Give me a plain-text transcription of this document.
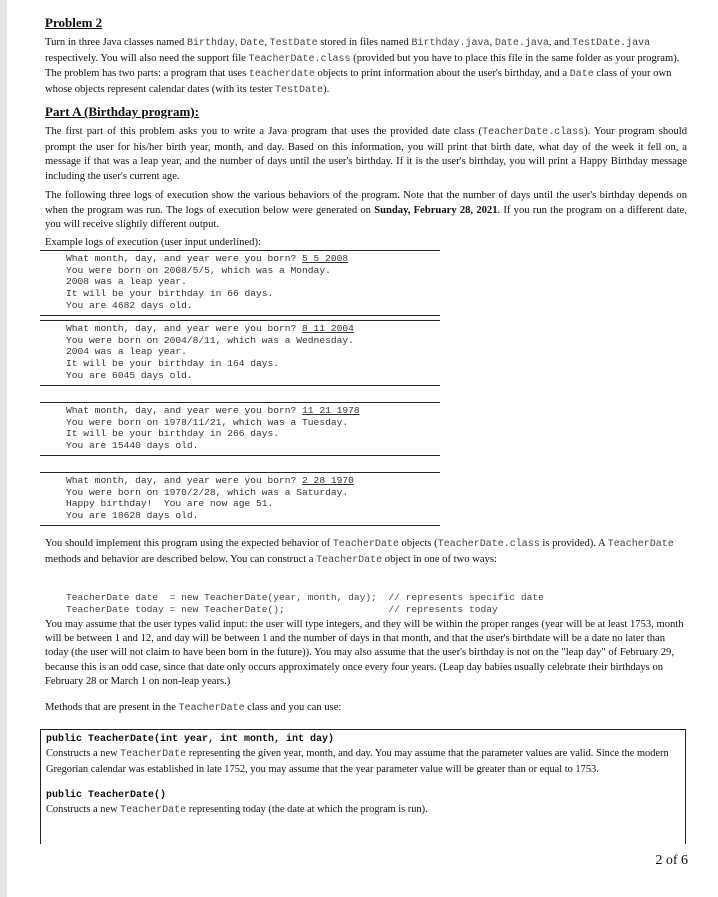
Problem 2
Turn in three Java classes named Birthday, Date, TestDate stored in files named Birthday.java, Date.java, and TestDate.java respectively. You will also need the support file TeacherDate.class (provided but you have to place this file in the same folder as your program). The problem has two parts: a program that uses teacherdate objects to print information about the user's birthday, and a Date class of your own whose objects represent calendar dates (with its tester TestDate).
Part A (Birthday program):
The first part of this problem asks you to write a Java program that uses the provided date class (TeacherDate.class). Your program should prompt the user for his/her birth year, month, and day. Based on this information, you will print that birth date, what day of the week it fell on, a message if that was a leap year, and the number of days until the user's birthday. If it is the user's birthday, you will print a Happy Birthday message including the user's current age.
The following three logs of execution show the various behaviors of the program. Note that the number of days until the user's birthday depends on when the program was run. The logs of execution below were generated on Sunday, February 28, 2021. If you run the program on a different date, you will receive slightly different output.
Example logs of execution (user input underlined):
What month, day, and year were you born? 5 5 2008
You were born on 2008/5/5, which was a Monday.
2008 was a leap year.
It will be your birthday in 66 days.
You are 4682 days old.
What month, day, and year were you born? 8 11 2004
You were born on 2004/8/11, which was a Wednesday.
2004 was a leap year.
It will be your birthday in 164 days.
You are 6045 days old.
What month, day, and year were you born? 11 21 1978
You were born on 1978/11/21, which was a Tuesday.
It will be your birthday in 266 days.
You are 15440 days old.
What month, day, and year were you born? 2 28 1970
You were born on 1970/2/28, which was a Saturday.
Happy birthday!  You are now age 51.
You are 18628 days old.
You should implement this program using the expected behavior of TeacherDate objects (TeacherDate.class is provided). A TeacherDate methods and behavior are described below. You can construct a TeacherDate object in one of two ways:

TeacherDate date  = new TeacherDate(year, month, day);  // represents specific date
TeacherDate today = new TeacherDate();                  // represents today
You may assume that the user types valid input: the user will type integers, and they will be within the proper ranges (year will be at least 1753, month will be between 1 and 12, and day will be between 1 and the number of days in that month, and that the user's birthdate will be a date no later than today (the user will not claim to have been born in the future)). You may also assume that the user's birthday is not on the "leap day" of February 29, because this is an odd case, since that date only occurs approximately once every four years. (Leap day babies usually celebrate their birthdays on February 28 or March 1 on non-leap years.)
Methods that are present in the TeacherDate class and you can use:
public TeacherDate(int year, int month, int day)
Constructs a new TeacherDate representing the given year, month, and day. You may assume that the parameter values are valid. Since the modern Gregorian calendar was established in late 1752, you may assume that the year parameter value will be greater than or equal to 1753.
public TeacherDate()
Constructs a new TeacherDate representing today (the date at which the program is run).
2 of 6
